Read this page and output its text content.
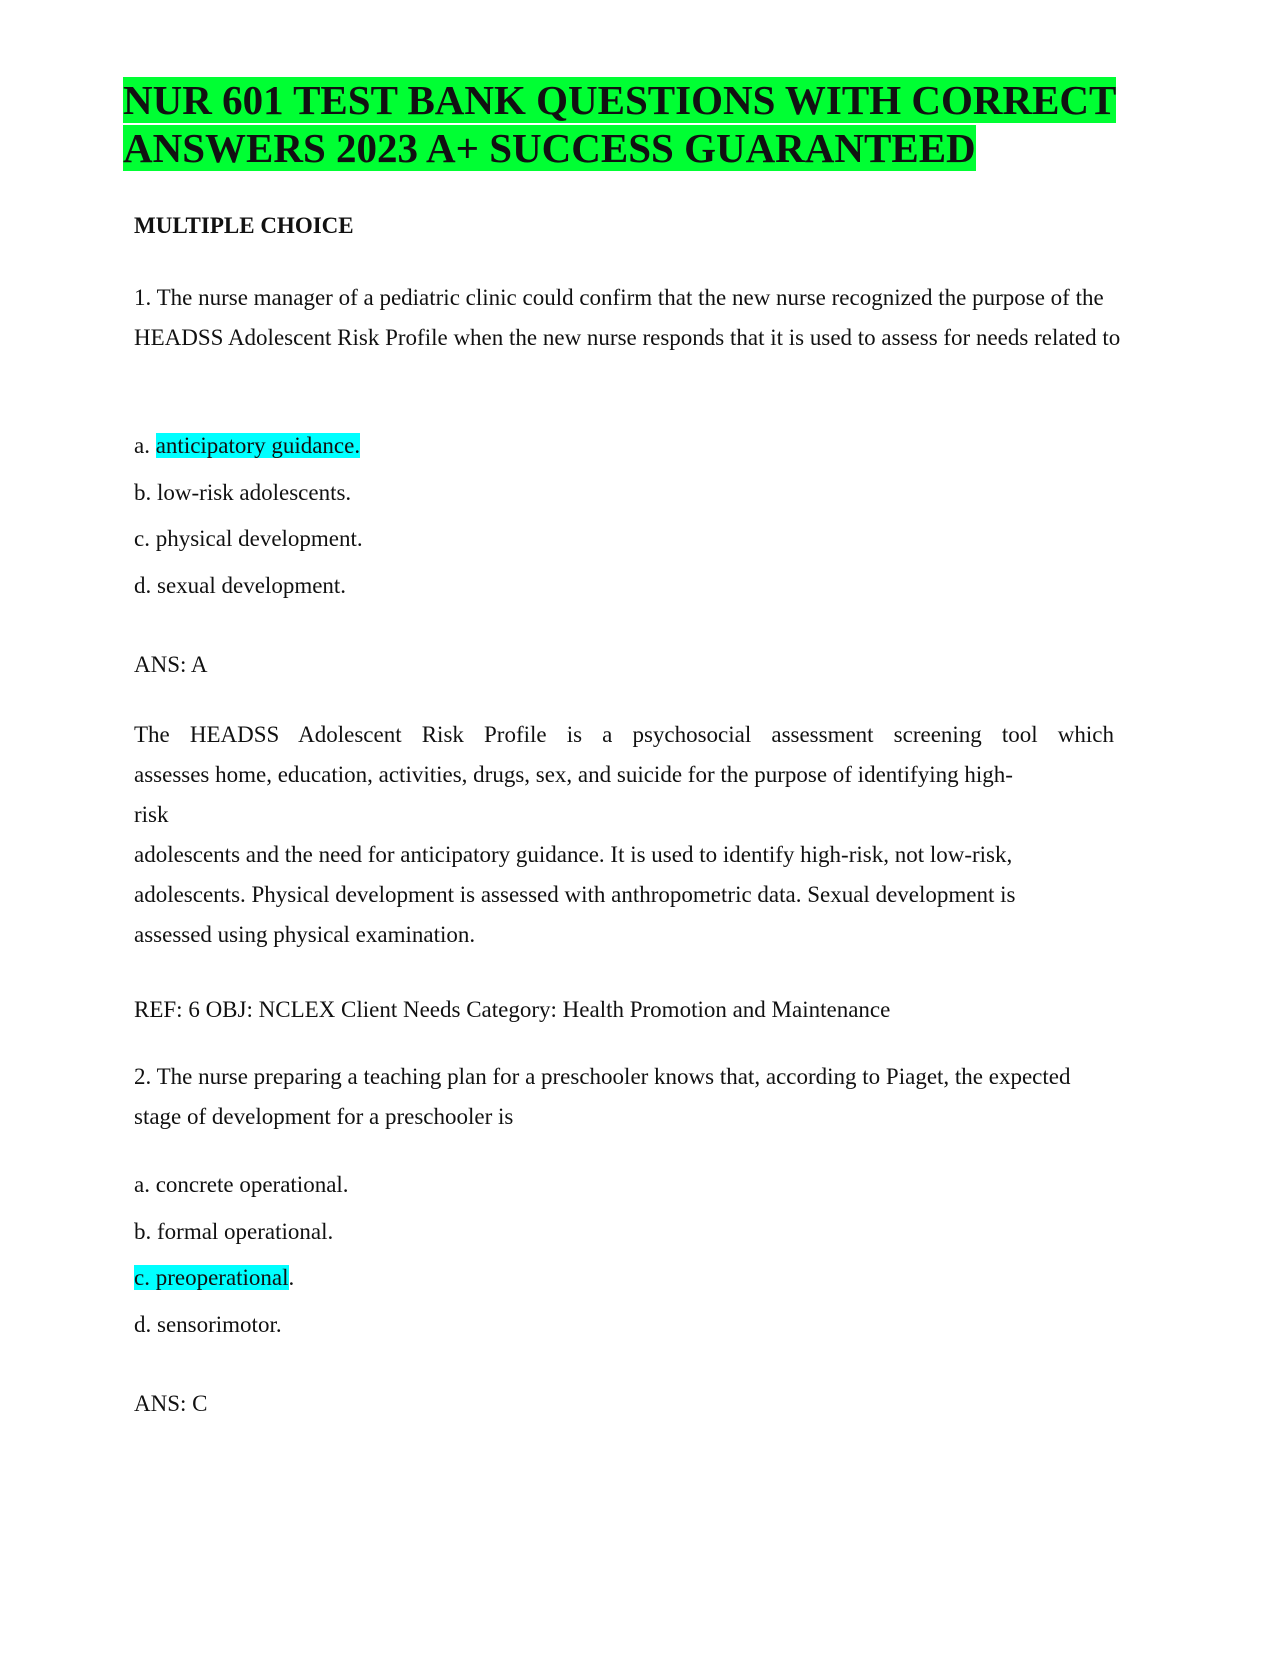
NUR 601 TEST BANK QUESTIONS WITH CORRECT
ANSWERS 2023 A+ SUCCESS GUARANTEED

MULTIPLE CHOICE

1. The nurse manager of a pediatric clinic could confirm that the new nurse recognized the purpose of the HEADSS Adolescent Risk Profile when the new nurse responds that it is used to assess for needs related to

a. anticipatory guidance.

b. low-risk adolescents.

c. physical development.

d. sexual development.

ANS: A

The HEADSS Adolescent Risk Profile is a psychosocial assessment screening tool which

assesses home, education, activities, drugs, sex, and suicide for the purpose of identifying high-

risk

adolescents and the need for anticipatory guidance. It is used to identify high-risk, not low-risk, adolescents. Physical development is assessed with anthropometric data. Sexual development is assessed using physical examination.

REF: 6 OBJ: NCLEX Client Needs Category: Health Promotion and Maintenance

2. The nurse preparing a teaching plan for a preschooler knows that, according to Piaget, the expected stage of development for a preschooler is

a. concrete operational.

b. formal operational.

c. preoperational.

d. sensorimotor.

ANS: C
